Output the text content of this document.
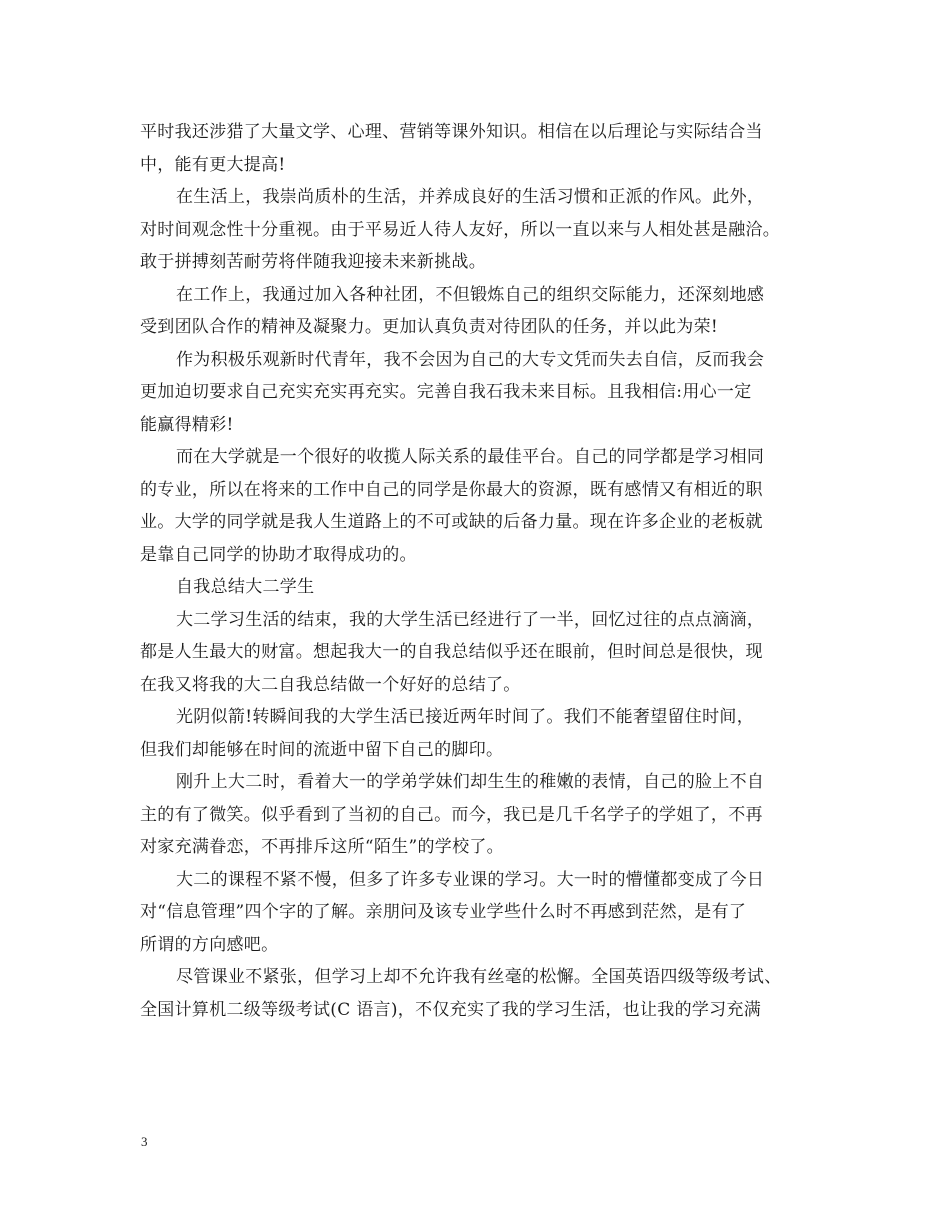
平时我还涉猎了大量文学、心理、营销等课外知识。相信在以后理论与实际结合当
中，能有更大提高!
在生活上，我崇尚质朴的生活，并养成良好的生活习惯和正派的作风。此外，
对时间观念性十分重视。由于平易近人待人友好，所以一直以来与人相处甚是融洽。
敢于拼搏刻苦耐劳将伴随我迎接未来新挑战。
在工作上，我通过加入各种社团，不但锻炼自己的组织交际能力，还深刻地感
受到团队合作的精神及凝聚力。更加认真负责对待团队的任务，并以此为荣!
作为积极乐观新时代青年，我不会因为自己的大专文凭而失去自信，反而我会
更加迫切要求自己充实充实再充实。完善自我石我未来目标。且我相信:用心一定
能赢得精彩!
而在大学就是一个很好的收揽人际关系的最佳平台。自己的同学都是学习相同
的专业，所以在将来的工作中自己的同学是你最大的资源，既有感情又有相近的职
业。大学的同学就是我人生道路上的不可或缺的后备力量。现在许多企业的老板就
是靠自己同学的协助才取得成功的。
自我总结大二学生
大二学习生活的结束，我的大学生活已经进行了一半，回忆过往的点点滴滴，
都是人生最大的财富。想起我大一的自我总结似乎还在眼前，但时间总是很快，现
在我又将我的大二自我总结做一个好好的总结了。
光阴似箭!转瞬间我的大学生活已接近两年时间了。我们不能奢望留住时间，
但我们却能够在时间的流逝中留下自己的脚印。
刚升上大二时，看着大一的学弟学妹们却生生的稚嫩的表情，自己的脸上不自
主的有了微笑。似乎看到了当初的自己。而今，我已是几千名学子的学姐了，不再
对家充满眷恋，不再排斥这所“陌生”的学校了。
大二的课程不紧不慢，但多了许多专业课的学习。大一时的懵懂都变成了今日
对“信息管理”四个字的了解。亲朋问及该专业学些什么时不再感到茫然，是有了
所谓的方向感吧。
尽管课业不紧张，但学习上却不允许我有丝毫的松懈。全国英语四级等级考试、
全国计算机二级等级考试(C 语言)，不仅充实了我的学习生活，也让我的学习充满
3
